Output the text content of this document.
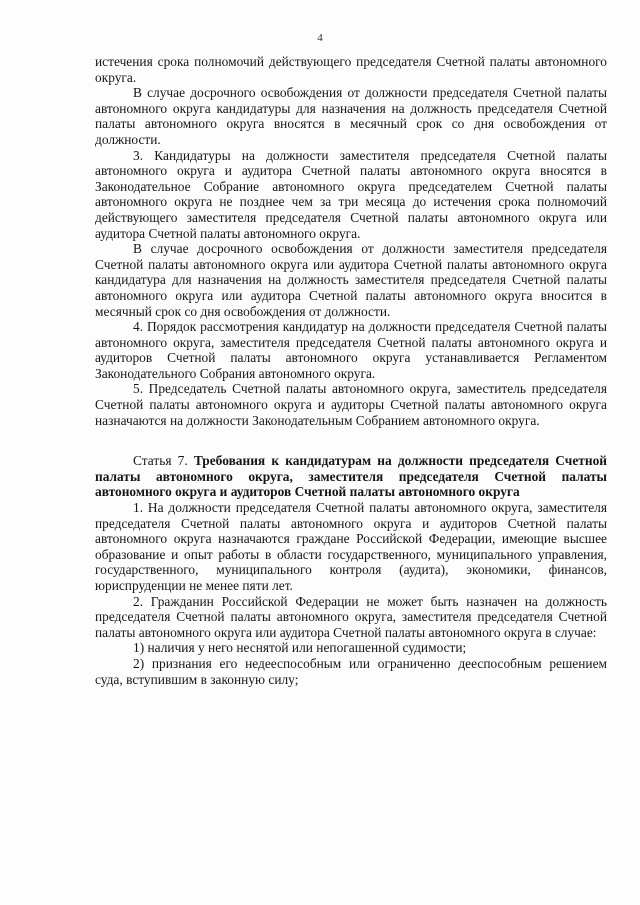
4

истечения срока полномочий действующего председателя Счетной палаты автономного округа.

В случае досрочного освобождения от должности председателя Счетной палаты автономного округа кандидатуры для назначения на должность председателя Счетной палаты автономного округа вносятся в месячный срок со дня освобождения от должности.

3. Кандидатуры на должности заместителя председателя Счетной палаты автономного округа и аудитора Счетной палаты автономного округа вносятся в Законодательное Собрание автономного округа председателем Счетной палаты автономного округа не позднее чем за три месяца до истечения срока полномочий действующего заместителя председателя Счетной палаты автономного округа или аудитора Счетной палаты автономного округа.

В случае досрочного освобождения от должности заместителя председателя Счетной палаты автономного округа или аудитора Счетной палаты автономного округа кандидатура для назначения на должность заместителя председателя Счетной палаты автономного округа или аудитора Счетной палаты автономного округа вносится в месячный срок со дня освобождения от должности.

4. Порядок рассмотрения кандидатур на должности председателя Счетной палаты автономного округа, заместителя председателя Счетной палаты автономного округа и аудиторов Счетной палаты автономного округа устанавливается Регламентом Законодательного Собрания автономного округа.

5. Председатель Счетной палаты автономного округа, заместитель председателя Счетной палаты автономного округа и аудиторы Счетной палаты автономного округа назначаются на должности Законодательным Собранием автономного округа.

Статья 7. Требования к кандидатурам на должности председателя Счетной палаты автономного округа, заместителя председателя Счетной палаты автономного округа и аудиторов Счетной палаты автономного округа

1. На должности председателя Счетной палаты автономного округа, заместителя председателя Счетной палаты автономного округа и аудиторов Счетной палаты автономного округа назначаются граждане Российской Федерации, имеющие высшее образование и опыт работы в области государственного, муниципального управления, государственного, муниципального контроля (аудита), экономики, финансов, юриспруденции не менее пяти лет.

2. Гражданин Российской Федерации не может быть назначен на должность председателя Счетной палаты автономного округа, заместителя председателя Счетной палаты автономного округа или аудитора Счетной палаты автономного округа в случае:

1) наличия у него неснятой или непогашенной судимости;

2) признания его недееспособным или ограниченно дееспособным решением суда, вступившим в законную силу;
